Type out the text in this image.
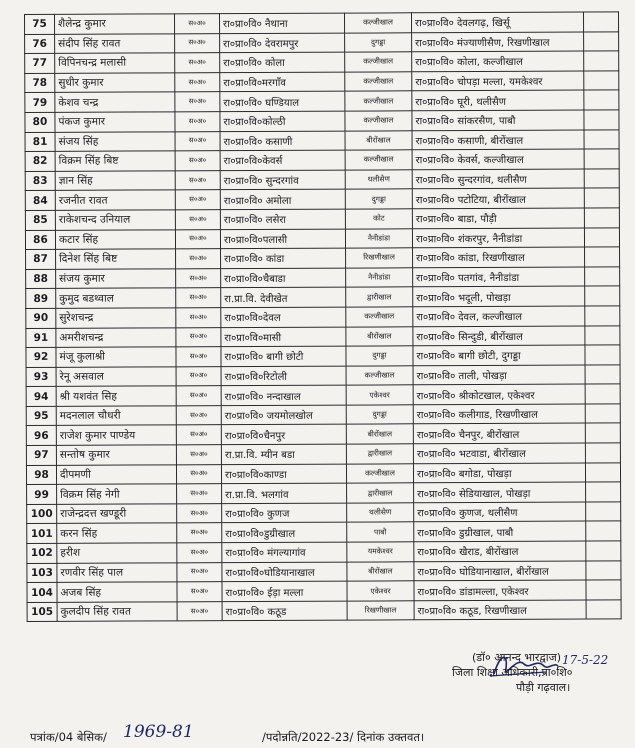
75	शैलेन्द्र कुमार	स०अ०	रा०प्रा०वि० नैथाना	कल्जीखाल	रा०प्रा०वि० देवलगढ़, खिर्सू	
76	संदीप सिंह रावत	स०अ०	रा०प्रा०वि० देवरामपुर	दुगड्डा	रा०प्रा०वि० मंज्याणीसैण, रिखणीखाल	
77	विपिनचन्द्र मलासी	स०अ०	रा०प्रा०वि० कोला	कल्जीखाल	रा०प्रा०वि० कोला, कल्जीखाल	
78	सुधीर कुमार	स०अ०	रा०प्रा०वि०मरगाँव	कल्जीखाल	रा०प्रा०वि० चोपड़ा मल्ला, यमकेश्वर	
79	केशव चन्द्र	स०अ०	रा०प्रा०वि० घण्डियाल	कल्जीखाल	रा०प्रा०वि० घूरी, थलीसैण	
80	पंकज कुमार	स०अ०	रा०प्रा०वि०कोल्ठी	कल्जीखाल	रा०प्रा०वि० सांकरसैण, पाबौ	
81	संजय सिंह	स०अ०	रा०प्रा०वि० कसाणी	बीरोंखाल	रा०प्रा०वि० कसाणी, बीरोंखाल	
82	विक्रम सिंह बिष्ट	स०अ०	रा०प्रा०वि०केवर्स	कल्जीखाल	रा०प्रा०वि० केवर्स, कल्जीखाल	
83	ज्ञान सिंह	स०अ०	रा०प्रा०वि० सुन्दरगांव	थलीसैण	रा०प्रा०वि० सुन्दरगांव, थलीसैण	
84	रजनीत रावत	स०अ०	रा०प्रा०वि० अमोला	दुगड्डा	रा०प्रा०वि० पटोटिया, बीरोंखाल	
85	राकेशचन्द उनियाल	स०अ०	रा०प्रा०वि० लसेरा	कोट	रा०प्रा०वि० बाडा, पौड़ी	
86	कटार सिंह	स०अ०	रा०प्रा०वि०पलासी	नैनीडांडा	रा०प्रा०वि० शंकरपुर, नैनीडांडा	
87	दिनेश सिंह बिष्ट	स०अ०	रा०प्रा०वि० कांडा	रिखणीखाल	रा०प्रा०वि० कांडा, रिखणीखाल	
88	संजय कुमार	स०अ०	रा०प्रा०वि०चैबाडा	नैनीडांडा	रा०प्रा०वि० पतगांव, नैनीडांडा	
89	कुमुद बडथ्वाल	स०अ०	रा.प्रा.वि. देवीखेत	द्वारीखाल	रा०प्रा०वि० भदूली, पोखड़ा	
90	सुरेशचन्द्र	स०अ०	रा०प्रा०वि०देवल	कल्जीखाल	रा०प्रा०वि० देवल, कल्जीखाल	
91	अमरीशचन्द्र	स०अ०	रा०प्रा०वि०मासी	बीरोंखाल	रा०प्रा०वि० सिन्दुडी, बीरोंखाल	
92	मंजू कुलाश्री	स०अ०	रा०प्रा०वि० बागी छोटी	दुगड्डा	रा०प्रा०वि० बागी छोटी, दुगड्डा	
93	रेनू असवाल	स०अ०	रा०प्रा०वि०रिटोली	कल्जीखाल	रा०प्रा०वि० ताली, पोखड़ा	
94	श्री यशवंत सिह	स०अ०	रा०प्रा०वि० नन्दाखाल	एकेश्वर	रा०प्रा०वि० श्रीकोटखाल, एकेश्वर	
95	मदनलाल चौधरी	स०अ०	रा०प्रा०वि० जयमोलखोल	दुगड्डा	रा०प्रा०वि० कलीगाड, रिखणीखाल	
96	राजेश कुमार पाण्डेय	स०अ०	रा०प्रा०वि०चैनपुर	बीरोंखाल	रा०प्रा०वि० चैनपुर, बीरोंखाल	
97	सन्तोष कुमार	स०अ०	रा.प्रा.वि. म्यीन बडा	द्वारीखाल	रा०प्रा०वि० भटवाडा, बीरोंखाल	
98	दीपमणी	स०अ०	रा०प्रा०वि०काण्डा	कल्जीखाल	रा०प्रा०वि० बगोडा, पोखड़ा	
99	विक्रम सिंह नेगी	स०अ०	रा.प्रा.वि. भलगांव	द्वारीखाल	रा०प्रा०वि० सेडियाखाल, पोखड़ा	
100	राजेन्द्रदत्त खण्डूरी	स०अ०	रा०प्रा०वि० कुणज	थलीसैण	रा०प्रा०वि० कुणज, थलीसैण	
101	करन सिंह	स०अ०	रा०प्रा०वि०डुग्रीखाल	पाबौ	रा०प्रा०वि० डुग्रीखाल, पाबौ	
102	हरीश	स०अ०	रा०प्रा०वि० मंगल्यागांव	यमकेश्वर	रा०प्रा०वि० खैराड, बीरोंखाल	
103	रणवीर सिंह पाल	स०अ०	रा०प्रा०वि०घोडियानाखाल	बीरोंखाल	रा०प्रा०वि० घोडियानाखाल, बीरोंखाल	
104	अजब सिंह	स०अ०	रा०प्रा०वि० ईड़ा मल्ला	एकेश्वर	रा०प्रा०वि० डांडामल्ला, एकेश्वर	
105	कुलदीप सिंह रावत	स०अ०	रा०प्रा०वि० कठूड	रिखणीखाल	रा०प्रा०वि० कठूड, रिखणीखाल	
17-5-22
(डॉ० आनन्द भारद्वाज)
जिला शिक्षा अधिकारी,प्रा०शि०
पौड़ी गढ़वाल।
पत्रांक/04 बेसिक/ 1969-81	/पदोन्नति/2022-23/ दिनांक उक्तवत।
